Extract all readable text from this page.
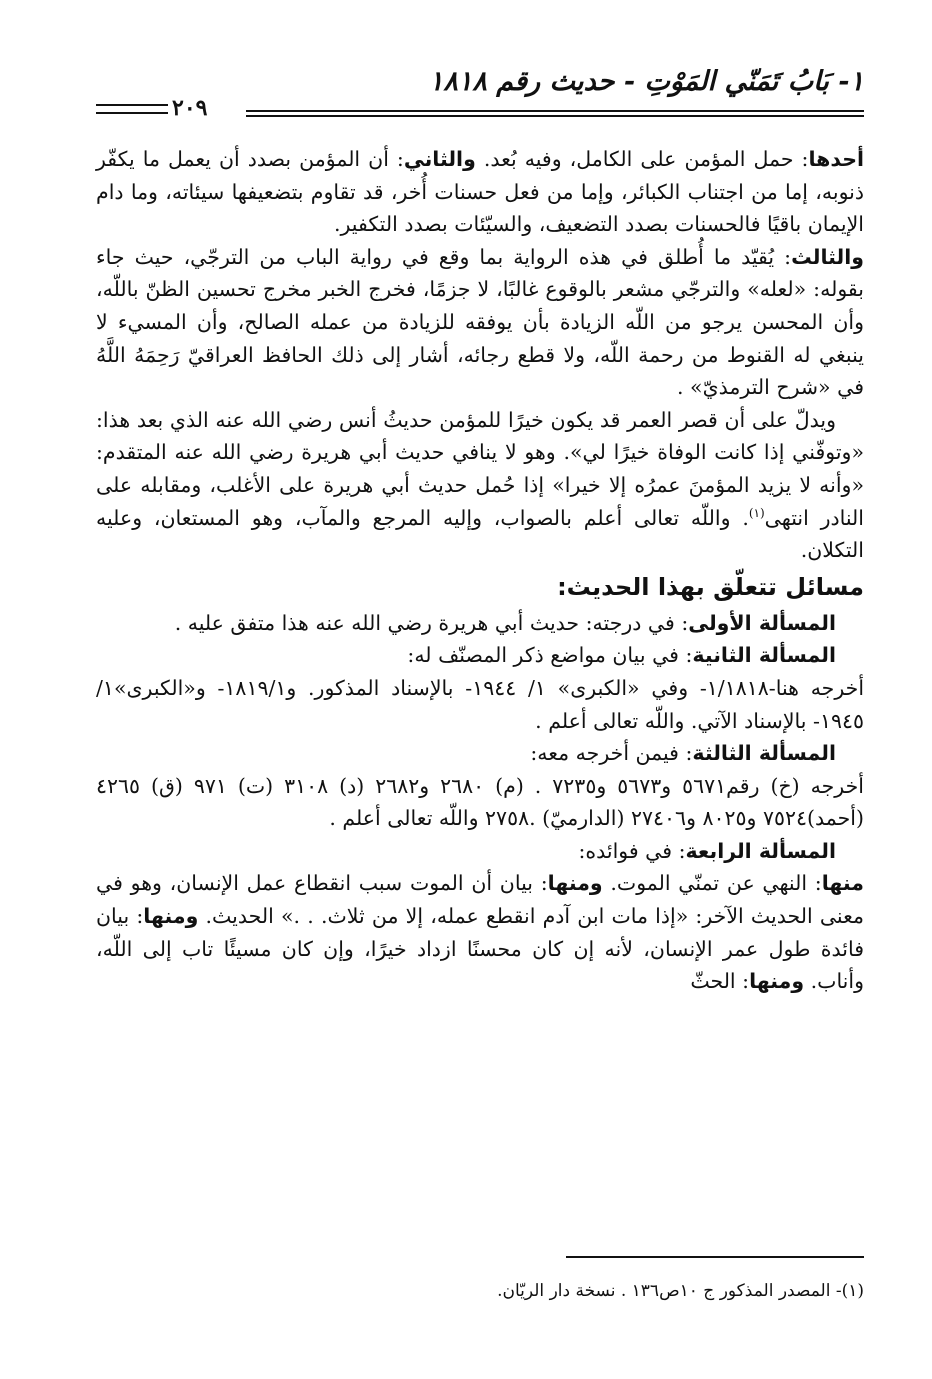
١- بَابُ تَمَنّي المَوْتِ - حديث رقم ١٨١٨
٢٠٩

أحدها: حمل المؤمن على الكامل، وفيه بُعد. والثاني: أن المؤمن بصدد أن يعمل ما يكفّر ذنوبه، إما من اجتناب الكبائر، وإما من فعل حسنات أُخر، قد تقاوم بتضعيفها سيئاته، وما دام الإيمان باقيًا فالحسنات بصدد التضعيف، والسيّئات بصدد التكفير.

والثالث: يُقيّد ما أُطلق في هذه الرواية بما وقع في رواية الباب من الترجّي، حيث جاء بقوله: «لعله» والترجّي مشعر بالوقوع غالبًا، لا جزمًا، فخرج الخبر مخرج تحسين الظنّ باللّه، وأن المحسن يرجو من اللّه الزيادة بأن يوفقه للزيادة من عمله الصالح، وأن المسيء لا ينبغي له القنوط من رحمة اللّه، ولا قطع رجائه، أشار إلى ذلك الحافظ العراقيّ رَحِمَهُ اللَّهُ في «شرح الترمذيّ» .

ويدلّ على أن قصر العمر قد يكون خيرًا للمؤمن حديثُ أنس رضي الله عنه الذي بعد هذا: «وتوفّني إذا كانت الوفاة خيرًا لي». وهو لا ينافي حديث أبي هريرة رضي الله عنه المتقدم: «وأنه لا يزيد المؤمنَ عمرُه إلا خيرا» إذا حُمل حديث أبي هريرة على الأغلب، ومقابله على النادر انتهى$^{(١)}$. واللّه تعالى أعلم بالصواب، وإليه المرجع والمآب، وهو المستعان، وعليه التكلان.

مسائل تتعلّق بهذا الحديث:

المسألة الأولى: في درجته: حديث أبي هريرة رضي الله عنه هذا متفق عليه .

المسألة الثانية: في بيان مواضع ذكر المصنّف له:

أخرجه هنا-١/١٨١٨- وفي «الكبرى» ١/ ١٩٤٤- بالإسناد المذكور. و١٨١٩/١- و«الكبرى»١/ ١٩٤٥- بالإسناد الآتي. واللّه تعالى أعلم .

المسألة الثالثة: فيمن أخرجه معه:

أخرجه (خ) رقم٥٦٧١ و٥٦٧٣ و٧٢٣٥ . (م) ٢٦٨٠ و٢٦٨٢ (د) ٣١٠٨ (ت) ٩٧١ (ق) ٤٢٦٥ (أحمد)٧٥٢٤ و٨٠٢٥ و٢٧٤٠٦ (الدارميّ) .٢٧٥٨ واللّه تعالى أعلم .

المسألة الرابعة: في فوائده:

منها: النهي عن تمنّي الموت. ومنها: بيان أن الموت سبب انقطاع عمل الإنسان، وهو في معنى الحديث الآخر: «إذا مات ابن آدم انقطع عمله، إلا من ثلاث. . .» الحديث. ومنها: بيان فائدة طول عمر الإنسان، لأنه إن كان محسنًا ازداد خيرًا، وإن كان مسيئًا تاب إلى اللّه، وأناب. ومنها: الحثّ

(١)- المصدر المذكور ج ١٠ص١٣٦ . نسخة دار الريّان.
